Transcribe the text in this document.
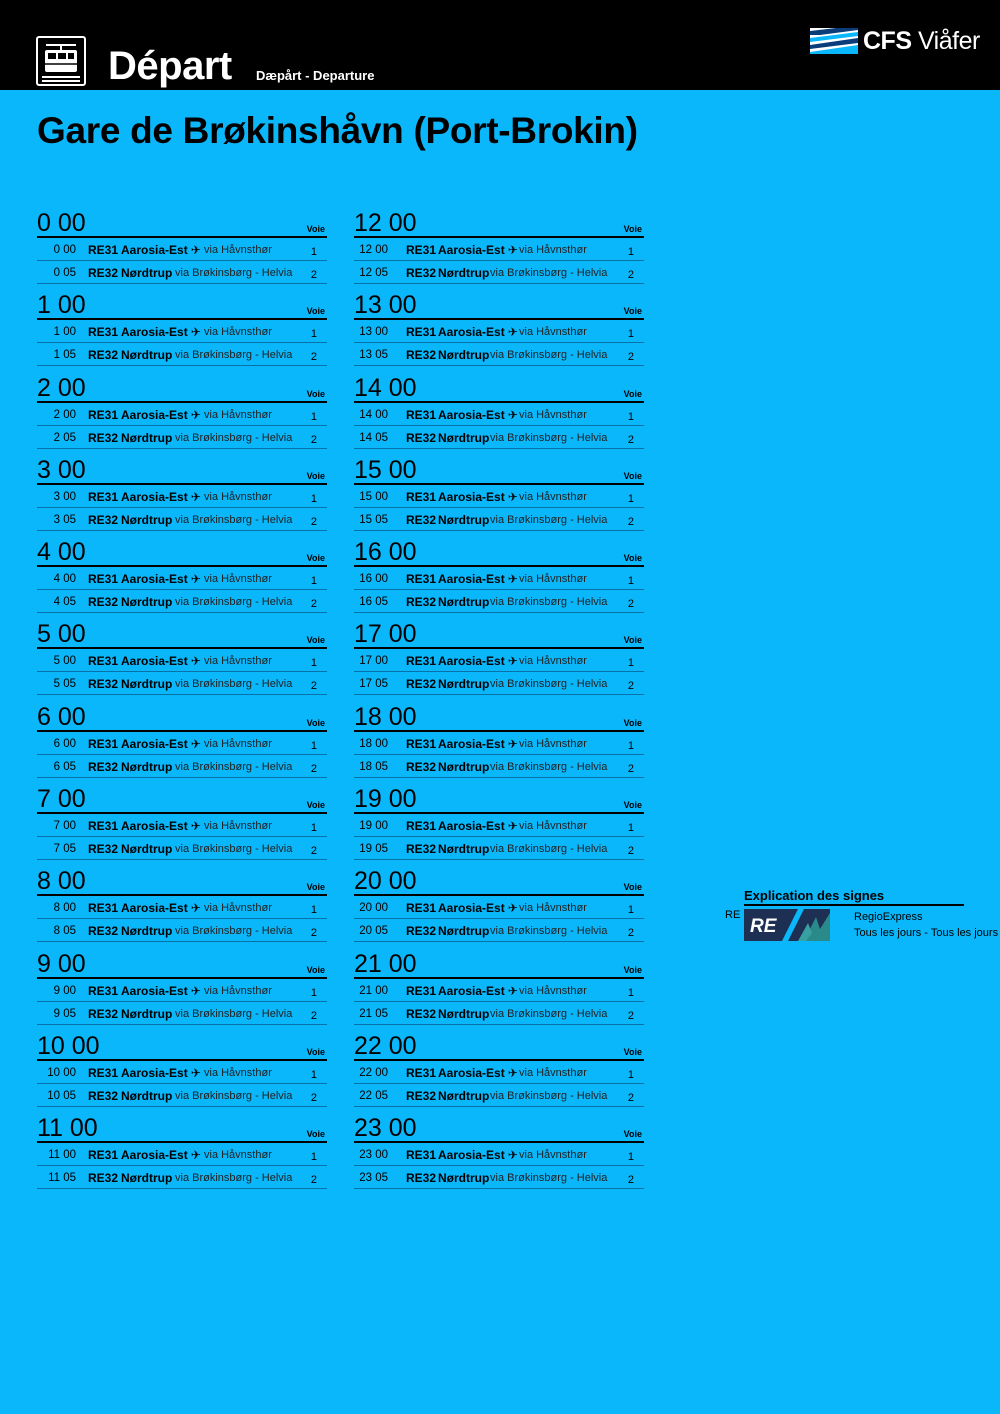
Départ Dæpårt - Departure
CFS Viåfer
Gare de Brøkinshåvn (Port-Brokin)
0 00	Voie
0 00 RE31 Aarosia-Est ✈ via Håvnsthør	1
0 05 RE32 Nørdtrup via Brøkinsbørg - Helvia 2
1 00	Voie
1 00 RE31 Aarosia-Est ✈ via Håvnsthør	1
1 05 RE32 Nørdtrup via Brøkinsbørg - Helvia 2
2 00	Voie
2 00 RE31 Aarosia-Est ✈ via Håvnsthør	1
2 05 RE32 Nørdtrup via Brøkinsbørg - Helvia 2
3 00	Voie
3 00 RE31 Aarosia-Est ✈ via Håvnsthør	1
3 05 RE32 Nørdtrup via Brøkinsbørg - Helvia 2
4 00	Voie
4 00 RE31 Aarosia-Est ✈ via Håvnsthør	1
4 05 RE32 Nørdtrup via Brøkinsbørg - Helvia 2
5 00	Voie
5 00 RE31 Aarosia-Est ✈ via Håvnsthør	1
5 05 RE32 Nørdtrup via Brøkinsbørg - Helvia 2
6 00	Voie
6 00 RE31 Aarosia-Est ✈ via Håvnsthør	1
6 05 RE32 Nørdtrup via Brøkinsbørg - Helvia 2
7 00	Voie
7 00 RE31 Aarosia-Est ✈ via Håvnsthør	1
7 05 RE32 Nørdtrup via Brøkinsbørg - Helvia 2
8 00	Voie
8 00 RE31 Aarosia-Est ✈ via Håvnsthør	1
8 05 RE32 Nørdtrup via Brøkinsbørg - Helvia 2
9 00	Voie
9 00 RE31 Aarosia-Est ✈ via Håvnsthør	1
9 05 RE32 Nørdtrup via Brøkinsbørg - Helvia 2
10 00	Voie
10 00 RE31 Aarosia-Est ✈ via Håvnsthør	1
10 05 RE32 Nørdtrup via Brøkinsbørg - Helvia 2
11 00	Voie
11 00 RE31 Aarosia-Est ✈ via Håvnsthør	1
11 05 RE32 Nørdtrup via Brøkinsbørg - Helvia 2
12 00	Voie
12 00 RE31 Aarosia-Est ✈ via Håvnsthør	1
12 05 RE32 Nørdtrup via Brøkinsbørg - Helvia 2
13 00	Voie
13 00 RE31 Aarosia-Est ✈ via Håvnsthør	1
13 05 RE32 Nørdtrup via Brøkinsbørg - Helvia 2
14 00	Voie
14 00 RE31 Aarosia-Est ✈ via Håvnsthør	1
14 05 RE32 Nørdtrup via Brøkinsbørg - Helvia 2
15 00	Voie
15 00 RE31 Aarosia-Est ✈ via Håvnsthør	1
15 05 RE32 Nørdtrup via Brøkinsbørg - Helvia 2
16 00	Voie
16 00 RE31 Aarosia-Est ✈ via Håvnsthør	1
16 05 RE32 Nørdtrup via Brøkinsbørg - Helvia 2
17 00	Voie
17 00 RE31 Aarosia-Est ✈ via Håvnsthør	1
17 05 RE32 Nørdtrup via Brøkinsbørg - Helvia 2
18 00	Voie
18 00 RE31 Aarosia-Est ✈ via Håvnsthør	1
18 05 RE32 Nørdtrup via Brøkinsbørg - Helvia 2
19 00	Voie
19 00 RE31 Aarosia-Est ✈ via Håvnsthør	1
19 05 RE32 Nørdtrup via Brøkinsbørg - Helvia 2
20 00	Voie
20 00 RE31 Aarosia-Est ✈ via Håvnsthør	1
20 05 RE32 Nørdtrup via Brøkinsbørg - Helvia 2
21 00	Voie
21 00 RE31 Aarosia-Est ✈ via Håvnsthør	1
21 05 RE32 Nørdtrup via Brøkinsbørg - Helvia 2
22 00	Voie
22 00 RE31 Aarosia-Est ✈ via Håvnsthør	1
22 05 RE32 Nørdtrup via Brøkinsbørg - Helvia 2
23 00	Voie
23 00 RE31 Aarosia-Est ✈ via Håvnsthør	1
23 05 RE32 Nørdtrup via Brøkinsbørg - Helvia 2
Explication des signes
RE
RE	RegioExpress
Tous les jours - Tous les jours
